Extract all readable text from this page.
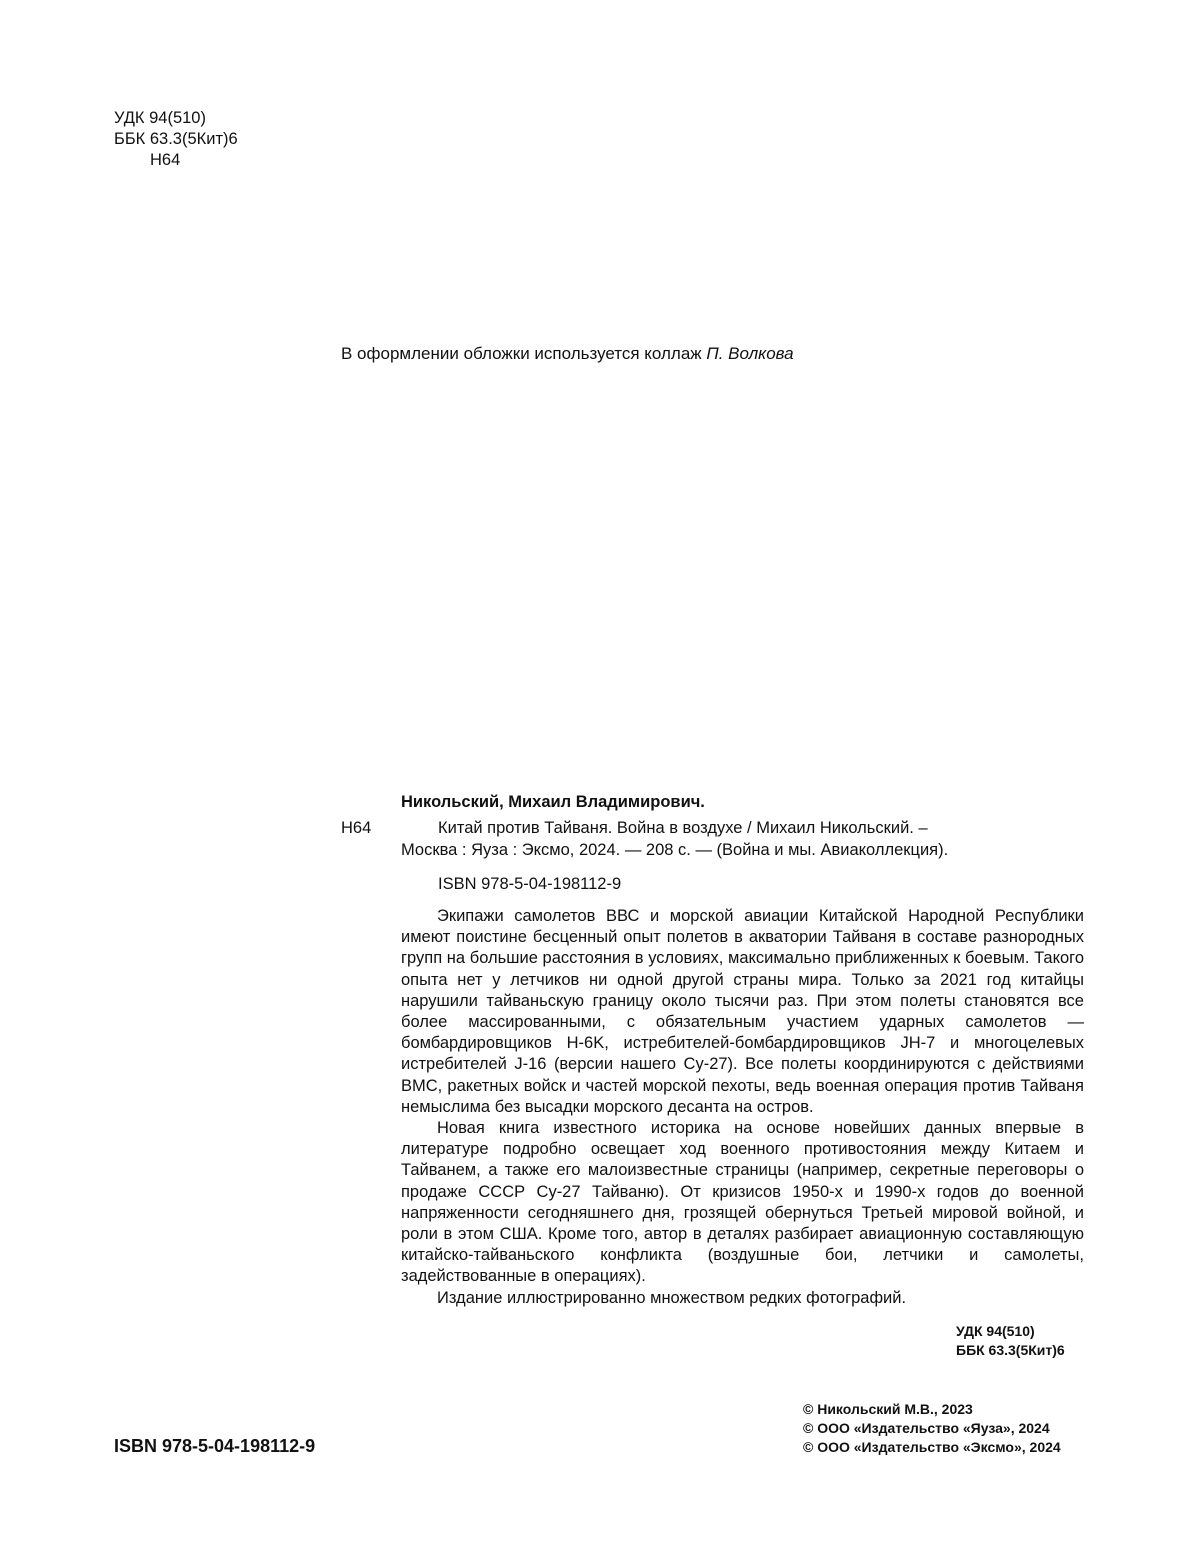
УДК 94(510)
ББК 63.3(5Кит)6
Н64
В оформлении обложки используется коллаж П. Волкова
Никольский, Михаил Владимирович.
Н64	Китай против Тайваня. Война в воздухе / Михаил Никольский. –
Москва : Яуза : Эксмо, 2024. — 208 с. — (Война и мы. Авиаколлекция).
ISBN 978-5-04-198112-9

Экипажи самолетов ВВС и морской авиации Китайской Народной Республики имеют поистине бесценный опыт полетов в акватории Тайваня в составе разнородных групп на большие расстояния в условиях, максимально приближенных к боевым. Такого опыта нет у летчиков ни одной другой страны мира. Только за 2021 год китайцы нарушили тайваньскую границу около тысячи раз. При этом полеты становятся все более массированными, с обязательным участием ударных самолетов — бомбардировщиков H-6K, истребителей-бомбардировщиков JH-7 и многоцелевых истребителей J-16 (версии нашего Су-27). Все полеты координируются с действиями ВМС, ракетных войск и частей морской пехоты, ведь военная операция против Тайваня немыслима без высадки морского десанта на остров.

Новая книга известного историка на основе новейших данных впервые в литературе подробно освещает ход военного противостояния между Китаем и Тайванем, а также его малоизвестные страницы (например, секретные переговоры о продаже СССР Су-27 Тайваню). От кризисов 1950-х и 1990-х годов до военной напряженности сегодняшнего дня, грозящей обернуться Третьей мировой войной, и роли в этом США. Кроме того, автор в деталях разбирает авиационную составляющую китайско-тайваньского конфликта (воздушные бои, летчики и самолеты, задействованные в операциях).

Издание иллюстрированно множеством редких фотографий.

УДК 94(510)
ББК 63.3(5Кит)6
© Никольский М.В., 2023
© ООО «Издательство «Яуза», 2024
© ООО «Издательство «Эксмо», 2024
ISBN 978-5-04-198112-9
